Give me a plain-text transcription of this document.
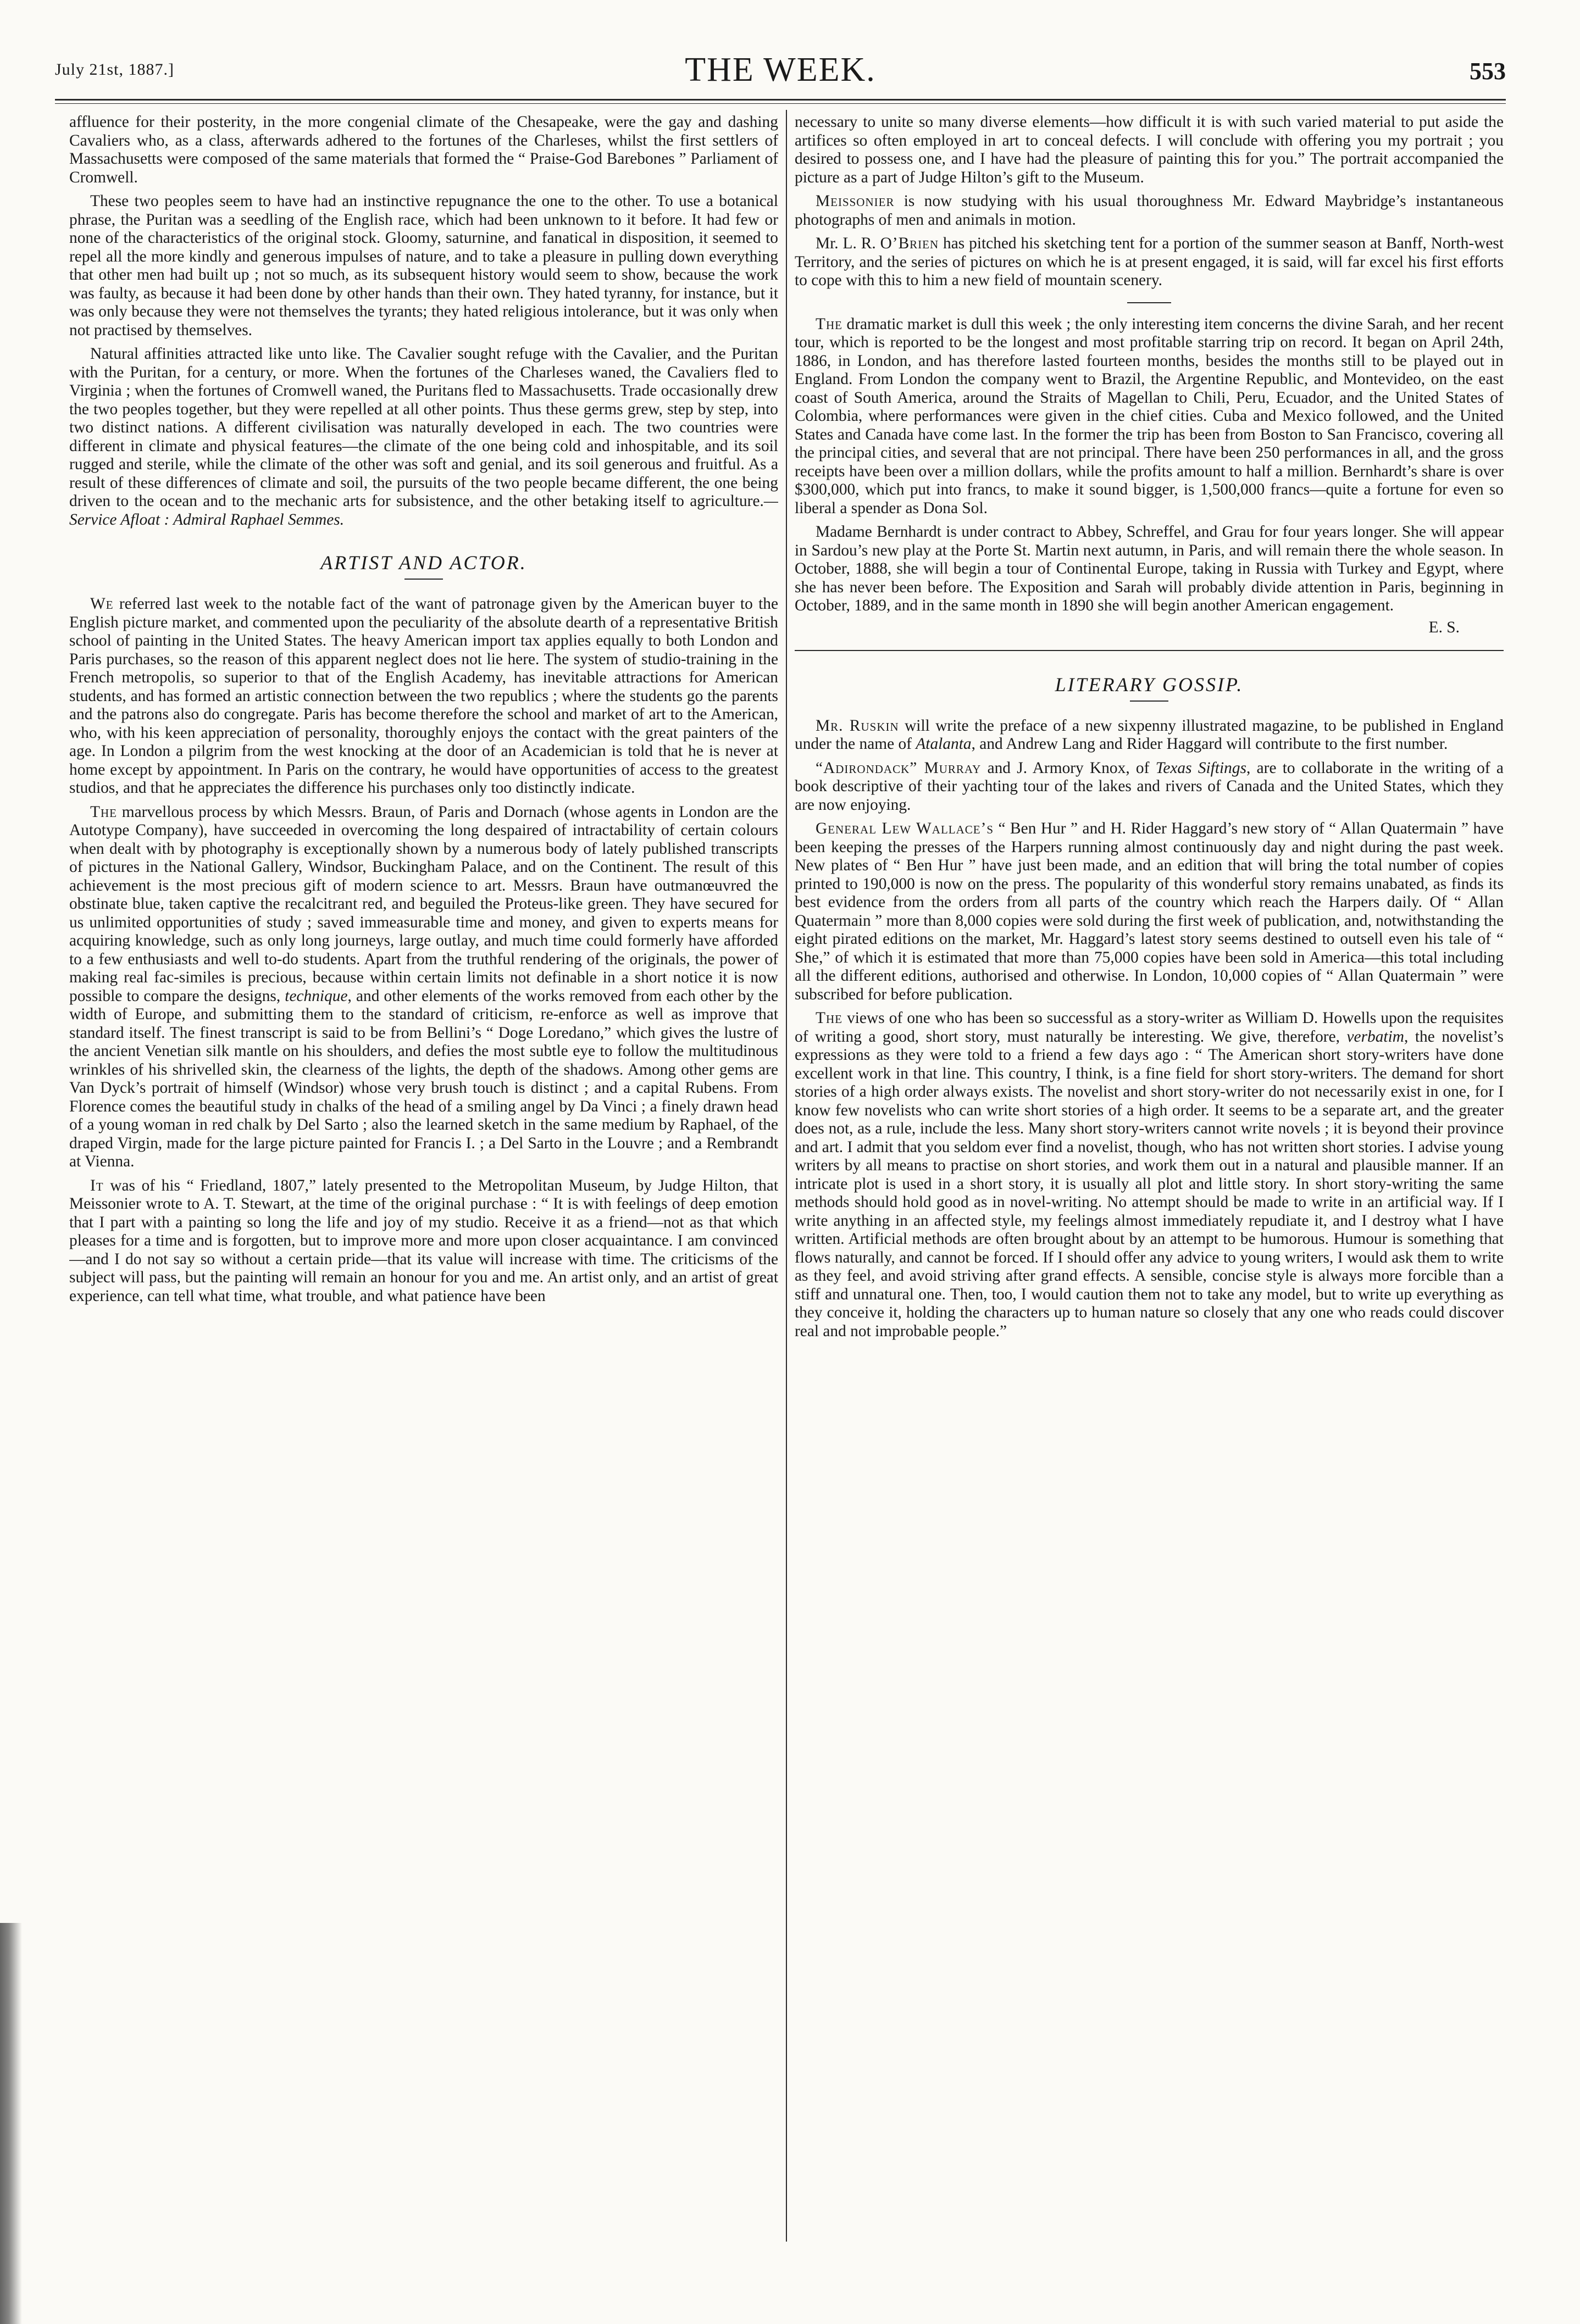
July 21st, 1887.]	THE WEEK.	553

affluence for their posterity, in the more congenial climate of the Chesapeake, were the gay and dashing Cavaliers who, as a class, afterwards adhered to the fortunes of the Charleses, whilst the first settlers of Massachusetts were composed of the same materials that formed the “ Praise-God Barebones ” Parliament of Cromwell.

These two peoples seem to have had an instinctive repugnance the one to the other. To use a botanical phrase, the Puritan was a seedling of the English race, which had been unknown to it before. It had few or none of the characteristics of the original stock. Gloomy, saturnine, and fanatical in disposition, it seemed to repel all the more kindly and generous impulses of nature, and to take a pleasure in pulling down everything that other men had built up ; not so much, as its subsequent history would seem to show, because the work was faulty, as because it had been done by other hands than their own. They hated tyranny, for instance, but it was only because they were not themselves the tyrants; they hated religious intolerance, but it was only when not practised by themselves.

Natural affinities attracted like unto like. The Cavalier sought refuge with the Cavalier, and the Puritan with the Puritan, for a century, or more. When the fortunes of the Charleses waned, the Cavaliers fled to Virginia ; when the fortunes of Cromwell waned, the Puritans fled to Massachusetts. Trade occasionally drew the two peoples together, but they were repelled at all other points. Thus these germs grew, step by step, into two distinct nations. A different civilisation was naturally developed in each. The two countries were different in climate and physical features—the climate of the one being cold and inhospitable, and its soil rugged and sterile, while the climate of the other was soft and genial, and its soil generous and fruitful. As a result of these differences of climate and soil, the pursuits of the two people became different, the one being driven to the ocean and to the mechanic arts for subsistence, and the other betaking itself to agriculture.—Service Afloat : Admiral Raphael Semmes.

ARTIST AND ACTOR.

We referred last week to the notable fact of the want of patronage given by the American buyer to the English picture market, and commented upon the peculiarity of the absolute dearth of a representative British school of painting in the United States. The heavy American import tax applies equally to both London and Paris purchases, so the reason of this apparent neglect does not lie here. The system of studio-training in the French metropolis, so superior to that of the English Academy, has inevitable attractions for American students, and has formed an artistic connection between the two republics ; where the students go the parents and the patrons also do congregate. Paris has become therefore the school and market of art to the American, who, with his keen appreciation of personality, thoroughly enjoys the contact with the great painters of the age. In London a pilgrim from the west knocking at the door of an Academician is told that he is never at home except by appointment. In Paris on the contrary, he would have opportunities of access to the greatest studios, and that he appreciates the difference his purchases only too distinctly indicate.

The marvellous process by which Messrs. Braun, of Paris and Dornach (whose agents in London are the Autotype Company), have succeeded in overcoming the long despaired of intractability of certain colours when dealt with by photography is exceptionally shown by a numerous body of lately published transcripts of pictures in the National Gallery, Windsor, Buckingham Palace, and on the Continent. The result of this achievement is the most precious gift of modern science to art. Messrs. Braun have outmanœuvred the obstinate blue, taken captive the recalcitrant red, and beguiled the Proteus-like green. They have secured for us unlimited opportunities of study ; saved immeasurable time and money, and given to experts means for acquiring knowledge, such as only long journeys, large outlay, and much time could formerly have afforded to a few enthusiasts and well to-do students. Apart from the truthful rendering of the originals, the power of making real fac-similes is precious, because within certain limits not definable in a short notice it is now possible to compare the designs, technique, and other elements of the works removed from each other by the width of Europe, and submitting them to the standard of criticism, re-enforce as well as improve that standard itself. The finest transcript is said to be from Bellini’s “ Doge Loredano,” which gives the lustre of the ancient Venetian silk mantle on his shoulders, and defies the most subtle eye to follow the multitudinous wrinkles of his shrivelled skin, the clearness of the lights, the depth of the shadows. Among other gems are Van Dyck’s portrait of himself (Windsor) whose very brush touch is distinct ; and a capital Rubens. From Florence comes the beautiful study in chalks of the head of a smiling angel by Da Vinci ; a finely drawn head of a young woman in red chalk by Del Sarto ; also the learned sketch in the same medium by Raphael, of the draped Virgin, made for the large picture painted for Francis I. ; a Del Sarto in the Louvre ; and a Rembrandt at Vienna.

It was of his “ Friedland, 1807,” lately presented to the Metropolitan Museum, by Judge Hilton, that Meissonier wrote to A. T. Stewart, at the time of the original purchase : “ It is with feelings of deep emotion that I part with a painting so long the life and joy of my studio. Receive it as a friend—not as that which pleases for a time and is forgotten, but to improve more and more upon closer acquaintance. I am convinced—and I do not say so without a certain pride—that its value will increase with time. The criticisms of the subject will pass, but the painting will remain an honour for you and me. An artist only, and an artist of great experience, can tell what time, what trouble, and what patience have been

necessary to unite so many diverse elements—how difficult it is with such varied material to put aside the artifices so often employed in art to conceal defects. I will conclude with offering you my portrait ; you desired to possess one, and I have had the pleasure of painting this for you.” The portrait accompanied the picture as a part of Judge Hilton’s gift to the Museum.

Meissonier is now studying with his usual thoroughness Mr. Edward Maybridge’s instantaneous photographs of men and animals in motion.

Mr. L. R. O’Brien has pitched his sketching tent for a portion of the summer season at Banff, North-west Territory, and the series of pictures on which he is at present engaged, it is said, will far excel his first efforts to cope with this to him a new field of mountain scenery.

The dramatic market is dull this week ; the only interesting item concerns the divine Sarah, and her recent tour, which is reported to be the longest and most profitable starring trip on record. It began on April 24th, 1886, in London, and has therefore lasted fourteen months, besides the months still to be played out in England. From London the company went to Brazil, the Argentine Republic, and Montevideo, on the east coast of South America, around the Straits of Magellan to Chili, Peru, Ecuador, and the United States of Colombia, where performances were given in the chief cities. Cuba and Mexico followed, and the United States and Canada have come last. In the former the trip has been from Boston to San Francisco, covering all the principal cities, and several that are not principal. There have been 250 performances in all, and the gross receipts have been over a million dollars, while the profits amount to half a million. Bernhardt’s share is over $300,000, which put into francs, to make it sound bigger, is 1,500,000 francs—quite a fortune for even so liberal a spender as Dona Sol.

Madame Bernhardt is under contract to Abbey, Schreffel, and Grau for four years longer. She will appear in Sardou’s new play at the Porte St. Martin next autumn, in Paris, and will remain there the whole season. In October, 1888, she will begin a tour of Continental Europe, taking in Russia with Turkey and Egypt, where she has never been before. The Exposition and Sarah will probably divide attention in Paris, beginning in October, 1889, and in the same month in 1890 she will begin another American engagement.

E. S.
LITERARY GOSSIP.

Mr. Ruskin will write the preface of a new sixpenny illustrated magazine, to be published in England under the name of Atalanta, and Andrew Lang and Rider Haggard will contribute to the first number.

“Adirondack” Murray and J. Armory Knox, of Texas Siftings, are to collaborate in the writing of a book descriptive of their yachting tour of the lakes and rivers of Canada and the United States, which they are now enjoying.

General Lew Wallace’s “ Ben Hur ” and H. Rider Haggard’s new story of “ Allan Quatermain ” have been keeping the presses of the Harpers running almost continuously day and night during the past week. New plates of “ Ben Hur ” have just been made, and an edition that will bring the total number of copies printed to 190,000 is now on the press. The popularity of this wonderful story remains unabated, as finds its best evidence from the orders from all parts of the country which reach the Harpers daily. Of “ Allan Quatermain ” more than 8,000 copies were sold during the first week of publication, and, notwithstanding the eight pirated editions on the market, Mr. Haggard’s latest story seems destined to outsell even his tale of “ She,” of which it is estimated that more than 75,000 copies have been sold in America—this total including all the different editions, authorised and otherwise. In London, 10,000 copies of “ Allan Quatermain ” were subscribed for before publication.

The views of one who has been so successful as a story-writer as William D. Howells upon the requisites of writing a good, short story, must naturally be interesting. We give, therefore, verbatim, the novelist’s expressions as they were told to a friend a few days ago : “ The American short story-writers have done excellent work in that line. This country, I think, is a fine field for short story-writers. The demand for short stories of a high order always exists. The novelist and short story-writer do not necessarily exist in one, for I know few novelists who can write short stories of a high order. It seems to be a separate art, and the greater does not, as a rule, include the less. Many short story-writers cannot write novels ; it is beyond their province and art. I admit that you seldom ever find a novelist, though, who has not written short stories. I advise young writers by all means to practise on short stories, and work them out in a natural and plausible manner. If an intricate plot is used in a short story, it is usually all plot and little story. In short story-writing the same methods should hold good as in novel-writing. No attempt should be made to write in an artificial way. If I write anything in an affected style, my feelings almost immediately repudiate it, and I destroy what I have written. Artificial methods are often brought about by an attempt to be humorous. Humour is something that flows naturally, and cannot be forced. If I should offer any advice to young writers, I would ask them to write as they feel, and avoid striving after grand effects. A sensible, concise style is always more forcible than a stiff and unnatural one. Then, too, I would caution them not to take any model, but to write up everything as they conceive it, holding the characters up to human nature so closely that any one who reads could discover real and not improbable people.”
